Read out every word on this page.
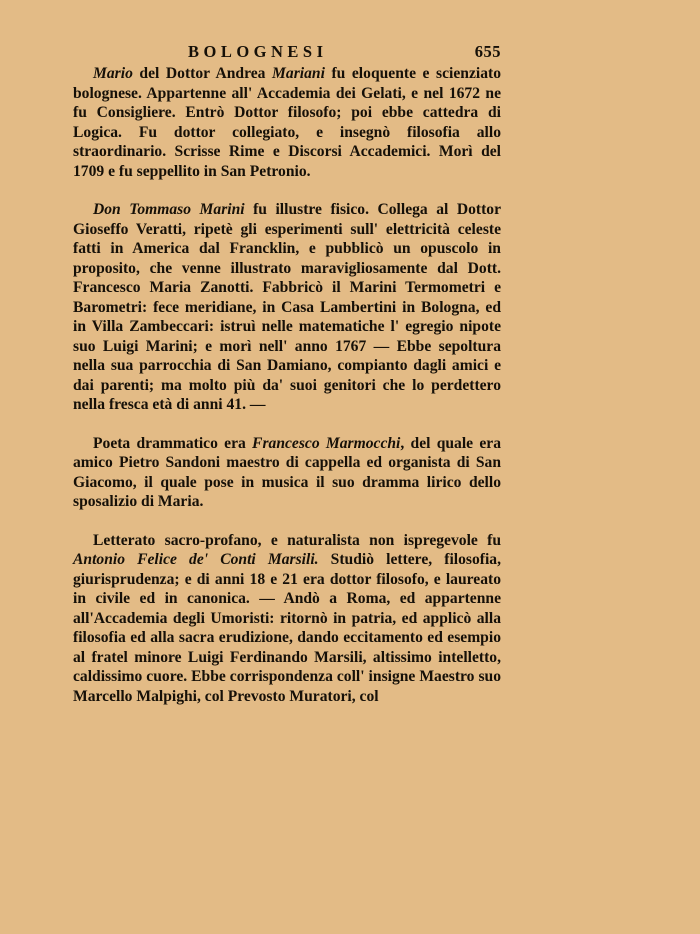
BOLOGNESI	655

Mario del Dottor Andrea Mariani fu eloquente e scienziato bolognese. Appartenne all' Accademia dei Gelati, e nel 1672 ne fu Consigliere. Entrò Dottor filosofo; poi ebbe cattedra di Logica. Fu dottor collegiato, e insegnò filosofia allo straordinario. Scrisse Rime e Discorsi Accademici. Morì del 1709 e fu seppellito in San Petronio.

Don Tommaso Marini fu illustre fisico. Collega al Dottor Gioseffo Veratti, ripetè gli esperimenti sull' elettricità celeste fatti in America dal Francklin, e pubblicò un opuscolo in proposito, che venne illustrato maravigliosamente dal Dott. Francesco Maria Zanotti. Fabbricò il Marini Termometri e Barometri: fece meridiane, in Casa Lambertini in Bologna, ed in Villa Zambeccari: istruì nelle matematiche l' egregio nipote suo Luigi Marini; e morì nell' anno 1767 — Ebbe sepoltura nella sua parrocchia di San Damiano, compianto dagli amici e dai parenti; ma molto più da' suoi genitori che lo perdettero nella fresca età di anni 41. —

Poeta drammatico era Francesco Marmocchi, del quale era amico Pietro Sandoni maestro di cappella ed organista di San Giacomo, il quale pose in musica il suo dramma lirico dello sposalizio di Maria.

Letterato sacro-profano, e naturalista non ispregevole fu Antonio Felice de' Conti Marsili. Studiò lettere, filosofia, giurisprudenza; e di anni 18 e 21 era dottor filosofo, e laureato in civile ed in canonica. — Andò a Roma, ed appartenne all'Accademia degli Umoristi: ritornò in patria, ed applicò alla filosofia ed alla sacra erudizione, dando eccitamento ed esempio al fratel minore Luigi Ferdinando Marsili, altissimo intelletto, caldissimo cuore. Ebbe corrispondenza coll' insigne Maestro suo Marcello Malpighi, col Prevosto Muratori, col
